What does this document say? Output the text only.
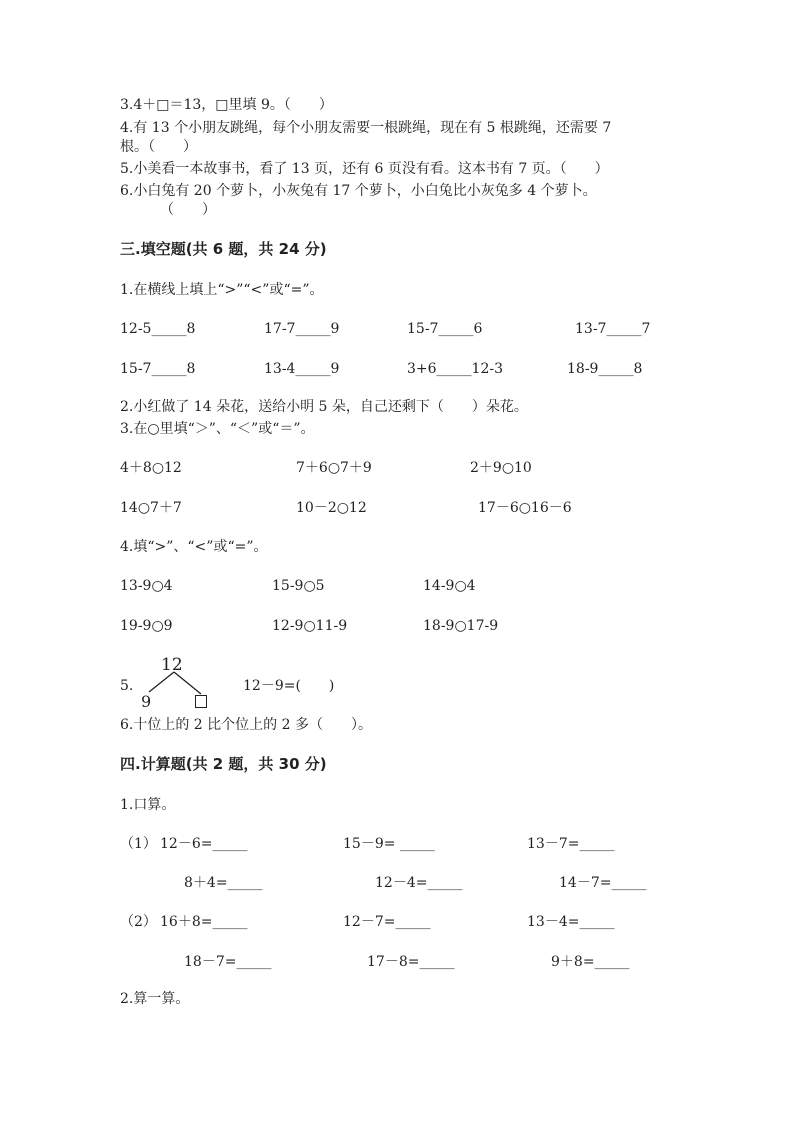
3.4＋□＝13，□里填 9。（　　）
4.有 13 个小朋友跳绳，每个小朋友需要一根跳绳，现在有 5 根跳绳，还需要 7
根。（　　）
5.小美看一本故事书，看了 13 页，还有 6 页没有看。这本书有 7 页。（　　）
6.小白兔有 20 个萝卜，小灰兔有 17 个萝卜，小白兔比小灰兔多 4 个萝卜。
（　　）
三.填空题(共 6 题，共 24 分)
1.在横线上填上“>”“<”或“=”。
12-5_____8	17-7_____9	15-7_____6	13-7_____7
15-7_____8	13-4_____9	3+6_____12-3	18-9_____8
2.小红做了 14 朵花，送给小明 5 朵，自己还剩下（　　）朵花。
3.在○里填“＞”、“＜”或“＝”。
4＋8○12	7＋6○7＋9	2＋9○10
14○7＋7	10－2○12	17－6○16－6
4.填“>”、“<”或“=”。
13-9○4	15-9○5	14-9○4
19-9○9	12-9○11-9	18-9○17-9
5.
12
9
12－9=(　　)
6.十位上的 2 比个位上的 2 多（　　）。
四.计算题(共 2 题，共 30 分)
1.口算。
（1） 12－6=_____	15－9= _____	13－7=_____
8＋4=_____	12－4=_____	14－7=_____
（2） 16＋8=_____	12－7=_____	13－4=_____
18－7=_____	17－8=_____	9＋8=_____
2.算一算。
